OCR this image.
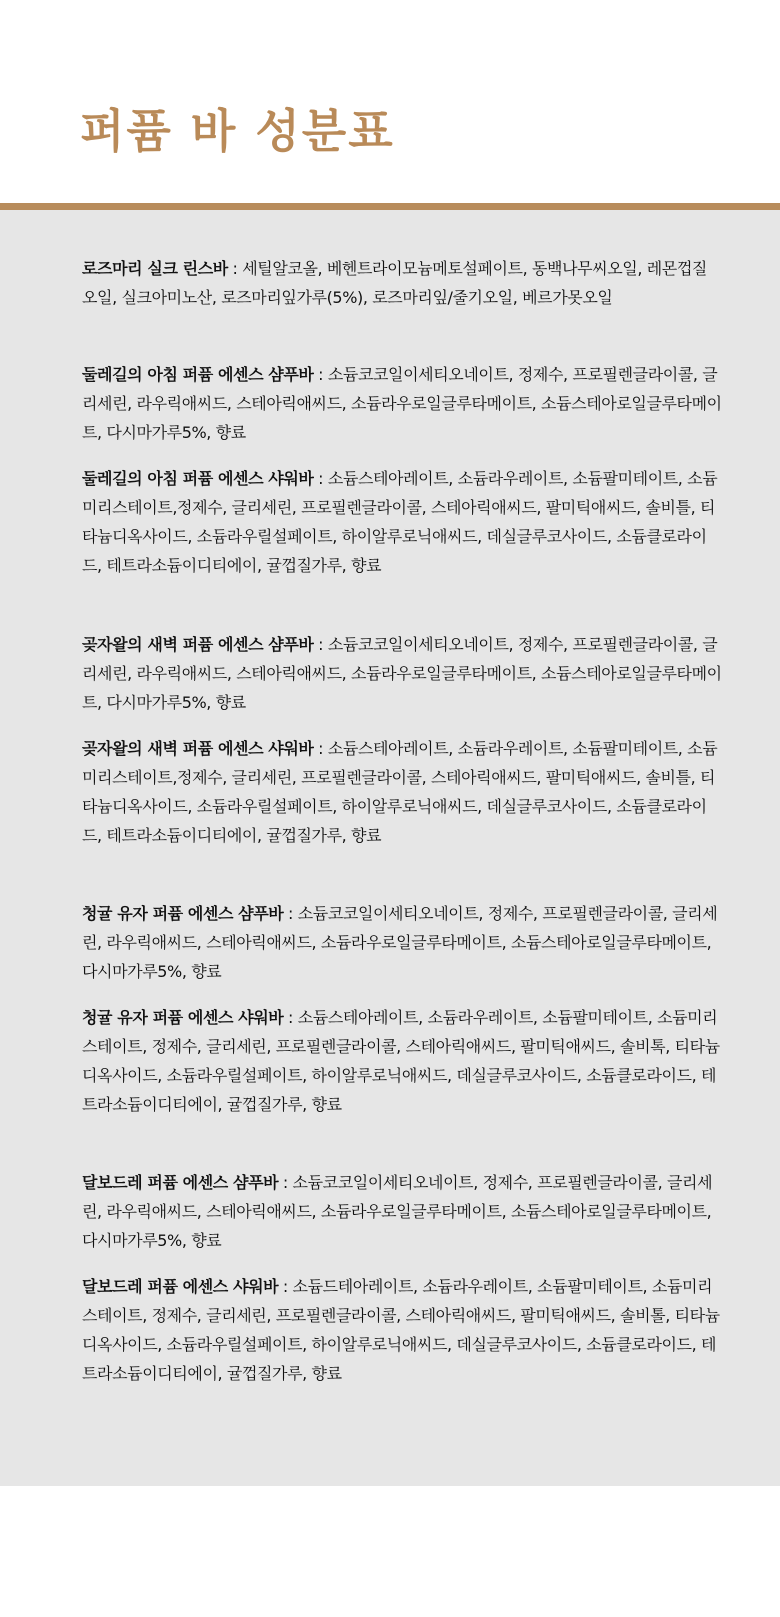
퍼퓸 바 성분표

로즈마리 실크 린스바 : 세틸알코올, 베헨트라이모늄메토설페이트, 동백나무씨오일, 레몬껍질오일, 실크아미노산, 로즈마리잎가루(5%), 로즈마리잎/줄기오일, 베르가못오일

둘레길의 아침 퍼퓸 에센스 샴푸바 : 소듐코코일이세티오네이트, 정제수, 프로필렌글라이콜, 글리세린, 라우릭애씨드, 스테아릭애씨드, 소듐라우로일글루타메이트, 소듐스테아로일글루타메이트, 다시마가루5%, 향료

둘레길의 아침 퍼퓸 에센스 샤워바 : 소듐스테아레이트, 소듐라우레이트, 소듐팔미테이트, 소듐미리스테이트,정제수, 글리세린, 프로필렌글라이콜, 스테아릭애씨드, 팔미틱애씨드, 솔비틀, 티타늄디옥사이드, 소듐라우릴설페이트, 하이알루로닉애씨드, 데실글루코사이드, 소듐클로라이드, 테트라소듐이디티에이, 귤껍질가루, 향료

곶자왈의 새벽 퍼퓸 에센스 샴푸바 : 소듐코코일이세티오네이트, 정제수, 프로필렌글라이콜, 글리세린, 라우릭애씨드, 스테아릭애씨드, 소듐라우로일글루타메이트, 소듐스테아로일글루타메이트, 다시마가루5%, 향료

곶자왈의 새벽 퍼퓸 에센스 샤워바 : 소듐스테아레이트, 소듐라우레이트, 소듐팔미테이트, 소듐미리스테이트,정제수, 글리세린, 프로필렌글라이콜, 스테아릭애씨드, 팔미틱애씨드, 솔비틀, 티타늄디옥사이드, 소듐라우릴설페이트, 하이알루로닉애씨드, 데실글루코사이드, 소듐클로라이드, 테트라소듐이디티에이, 귤껍질가루, 향료

청귤 유자 퍼퓸 에센스 샴푸바 : 소듐코코일이세티오네이트, 정제수, 프로필렌글라이콜, 글리세린, 라우릭애씨드, 스테아릭애씨드, 소듐라우로일글루타메이트, 소듐스테아로일글루타메이트, 다시마가루5%, 향료

청귤 유자 퍼퓸 에센스 샤워바 : 소듐스테아레이트, 소듐라우레이트, 소듐팔미테이트, 소듐미리스테이트, 정제수, 글리세린, 프로필렌글라이콜, 스테아릭애씨드, 팔미틱애씨드, 솔비톡, 티타늄디옥사이드, 소듐라우릴설페이트, 하이알루로닉애씨드, 데실글루코사이드, 소듐클로라이드, 테트라소듐이디티에이, 귤껍질가루, 향료

달보드레 퍼퓸 에센스 샴푸바 : 소듐코코일이세티오네이트, 정제수, 프로필렌글라이콜, 글리세린, 라우릭애씨드, 스테아릭애씨드, 소듐라우로일글루타메이트, 소듐스테아로일글루타메이트, 다시마가루5%, 향료

달보드레 퍼퓸 에센스 샤워바 : 소듐드테아레이트, 소듐라우레이트, 소듐팔미테이트, 소듐미리스테이트, 정제수, 글리세린, 프로필렌글라이콜, 스테아릭애씨드, 팔미틱애씨드, 솔비톨, 티타늄디옥사이드, 소듐라우릴설페이트, 하이알루로닉애씨드, 데실글루코사이드, 소듐클로라이드, 테트라소듐이디티에이, 귤껍질가루, 향료
